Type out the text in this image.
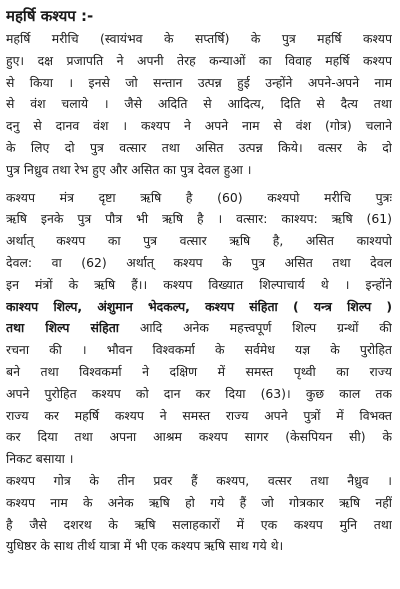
महर्षि कश्यप :-
महर्षि मरीचि (स्वायंभव के सप्तर्षि) के पुत्र महर्षि कश्यप
हुए। दक्ष प्रजापति ने अपनी तेरह कन्याओं का विवाह महर्षि कश्यप
से किया । इनसे जो सन्तान उत्पन्न हुई उन्होंने अपने-अपने नाम
से वंश चलाये । जैसे अदिति से आदित्य, दिति से दैत्य तथा
दनु से दानव वंश । कश्यप ने अपने नाम से वंश (गोत्र) चलाने
के लिए दो पुत्र वत्सार तथा असित उत्पन्न किये। वत्सर के दो
पुत्र निध्रुव तथा रेभ हुए और असित का पुत्र देवल हुआ ।
कश्यप मंत्र दृष्टा ऋषि है (60) कश्यपो मरीचि पुत्रः
ऋषि इनके पुत्र पौत्र भी ऋषि है । वत्सार: काश्यप: ऋषि (61)
अर्थात् कश्यप का पुत्र वत्सार ऋषि है, असित काश्यपो
देवल: वा (62) अर्थात् कश्यप के पुत्र असित तथा देवल
इन मंत्रों के ऋषि हैं।। कश्यप विख्यात शिल्पाचार्य थे । इन्होंने
काश्यप शिल्प, अंशुमान भेदकल्प, कश्यप संहिता ( यन्त्र शिल्प )
तथा शिल्प संहिता आदि अनेक महत्त्वपूर्ण शिल्प ग्रन्थों की
रचना की । भौवन विश्वकर्मा के सर्वमेध यज्ञ के पुरोहित
बने तथा विश्वकर्मा ने दक्षिण में समस्त पृथ्वी का राज्य
अपने पुरोहित कश्यप को दान कर दिया (63)। कुछ काल तक
राज्य कर महर्षि कश्यप ने समस्त राज्य अपने पुत्रों में विभक्त
कर दिया तथा अपना आश्रम कश्यप सागर (केसपियन सी) के
निकट बसाया ।
कश्यप गोत्र के तीन प्रवर हैं कश्यप, वत्सर तथा नैध्रुव ।
कश्यप नाम के अनेक ऋषि हो गये हैं जो गोत्रकार ऋषि नहीं
है जैसे दशरथ के ऋषि सलाहकारों में एक कश्यप मुनि तथा
युधिष्ठर के साथ तीर्थ यात्रा में भी एक कश्यप ऋषि साथ गये थे।
